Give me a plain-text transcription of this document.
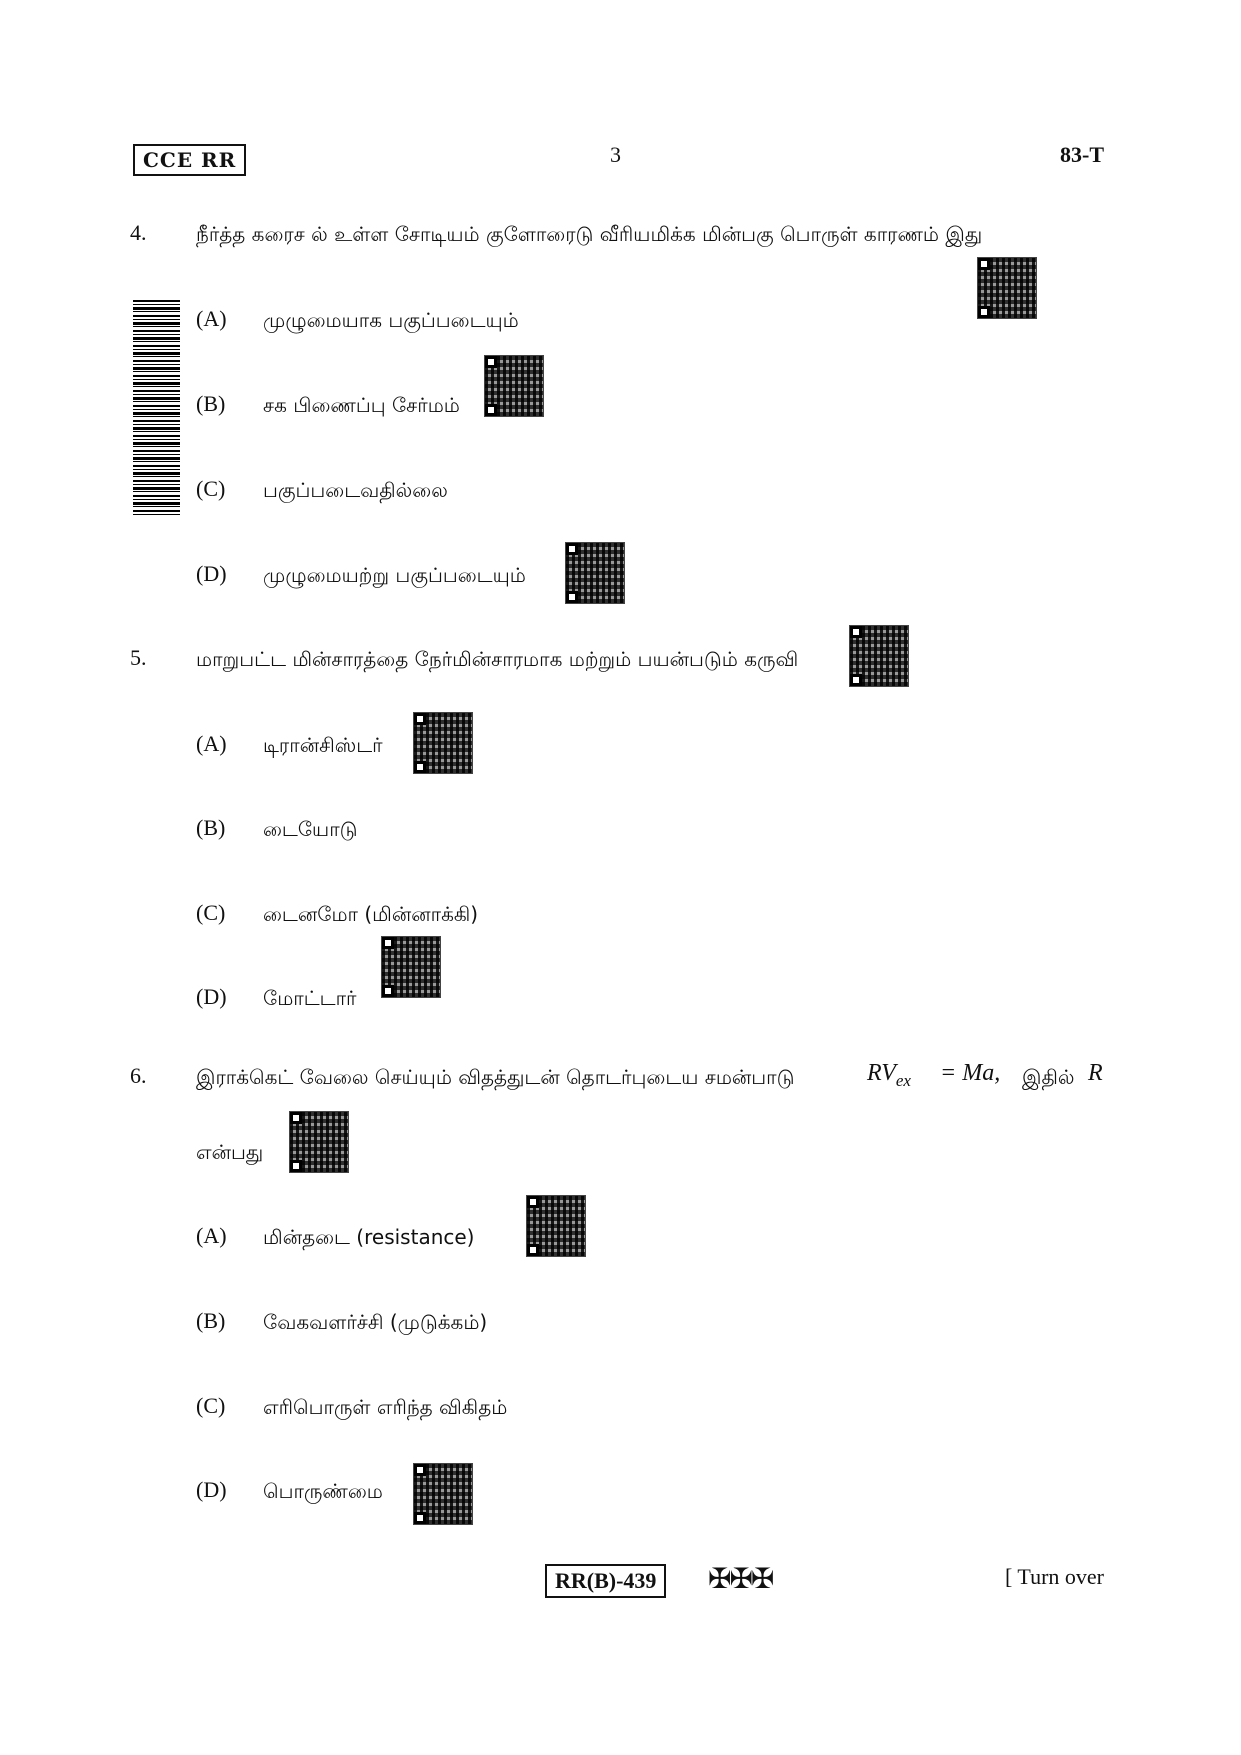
CCE RR	3	83-T
4. நீர்த்த கரைச ல் உள்ள சோடியம் குளோரைடு வீரியமிக்க மின்பகு பொருள் காரணம் இது
(A) முழுமையாக பகுப்படையும்
(B) சக பிணைப்பு சேர்மம்
(C) பகுப்படைவதில்லை
(D) முழுமையற்று பகுப்படையும்
5. மாறுபட்ட மின்சாரத்தை நேர்மின்சாரமாக மற்றும் பயன்படும் கருவி
(A) டிரான்சிஸ்டர்
(B) டையோடு
(C) டைனமோ (மின்னாக்கி)
(D) மோட்டார்
6. இராக்கெட் வேலை செய்யும் விதத்துடன் தொடர்புடைய சமன்பாடு	$RV_{ex} = Ma$, இதில் R
என்பது
(A) மின்தடை (resistance)
(B) வேகவளர்ச்சி (முடுக்கம்)
(C) எரிபொருள் எரிந்த விகிதம்
(D) பொருண்மை
RR(B)-439	✠✠✠	[ Turn over
